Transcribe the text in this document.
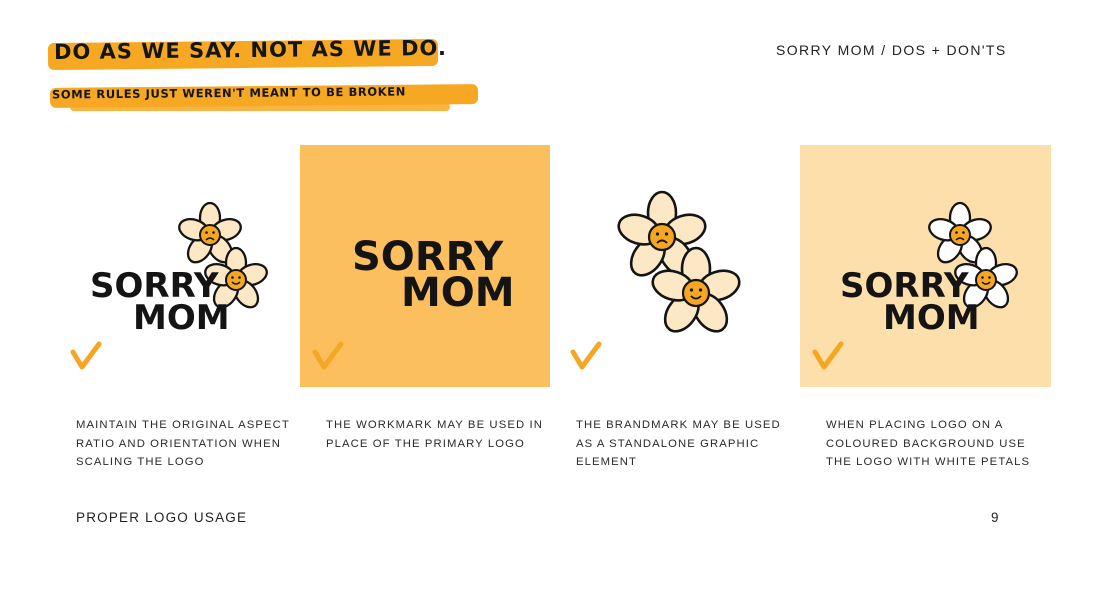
DO AS WE SAY. NOT AS WE DO.
SOME RULES JUST WEREN'T MEANT TO BE BROKEN
SORRY MOM / DOS + DON'TS
SORRY
MOM
SORRY
MOM	SORRY
MOM

MAINTAIN THE ORIGINAL ASPECT RATIO AND ORIENTATION WHEN SCALING THE LOGO

THE WORKMARK MAY BE USED IN PLACE OF THE PRIMARY LOGO

THE BRANDMARK MAY BE USED AS A STANDALONE GRAPHIC ELEMENT

WHEN PLACING LOGO ON A COLOURED BACKGROUND USE THE LOGO WITH WHITE PETALS

PROPER LOGO USAGE	9
